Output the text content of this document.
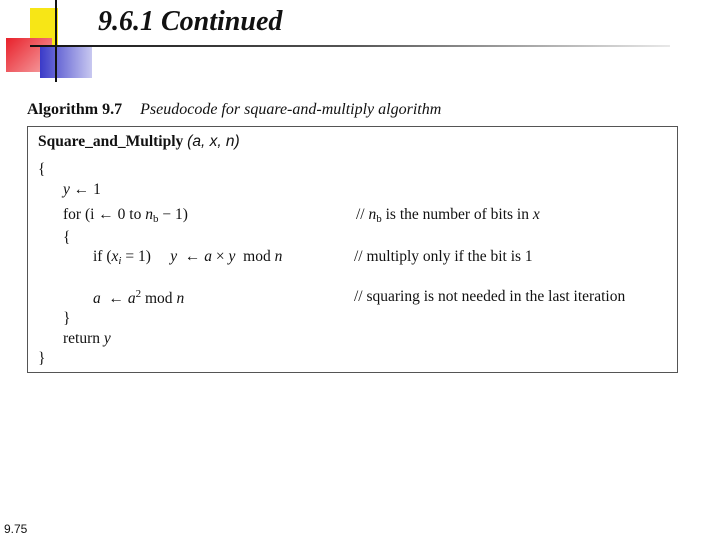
9.6.1 Continued
Algorithm 9.7 Pseudocode for square-and-multiply algorithm
Square_and_Multiply (a, x, n)
{
y ← 1
for (i ← 0 to $n_b - 1$)	// $n_b$ is the number of bits in x
{
if $(x_i = 1)$     y  ← a × y  mod n	// multiply only if the bit is 1
a  ← $a^2$ mod n	// squaring is not needed in the last iteration
}
return y
}
9.75
